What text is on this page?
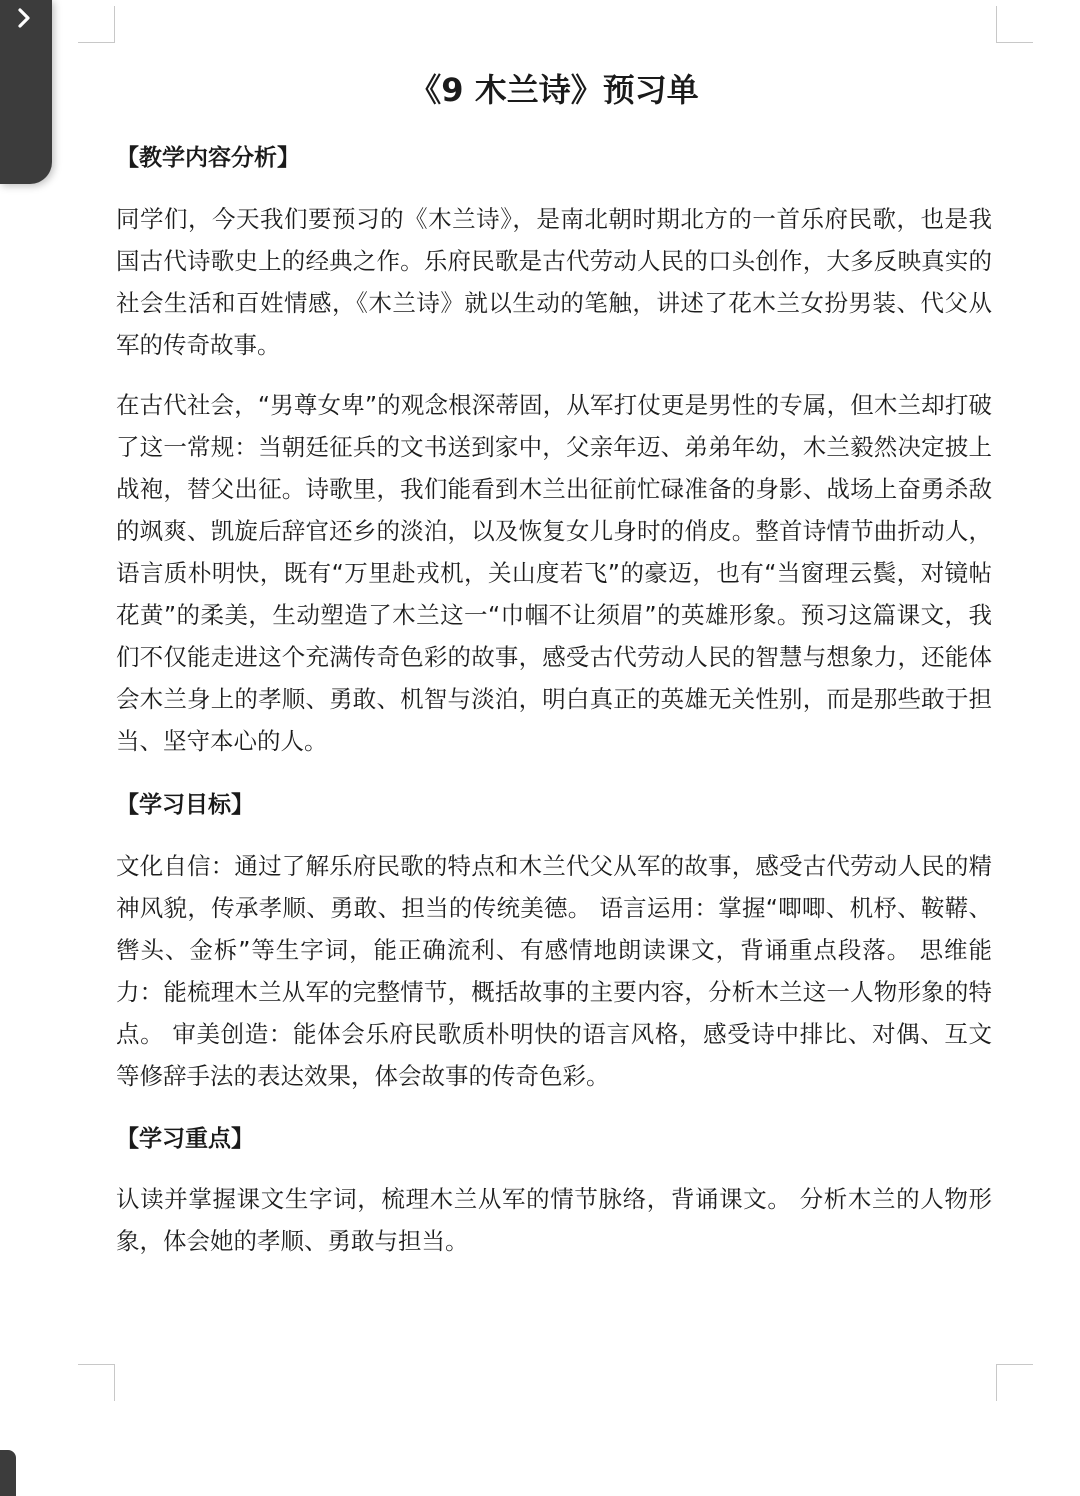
《9 木兰诗》预习单
【教学内容分析】

同学们，今天我们要预习的《木兰诗》，是南北朝时期北方的一首乐府民歌，也是我国古代诗歌史上的经典之作。乐府民歌是古代劳动人民的口头创作，大多反映真实的社会生活和百姓情感，《木兰诗》就以生动的笔触，讲述了花木兰女扮男装、代父从军的传奇故事。

在古代社会，“男尊女卑”的观念根深蒂固，从军打仗更是男性的专属，但木兰却打破了这一常规：当朝廷征兵的文书送到家中，父亲年迈、弟弟年幼，木兰毅然决定披上战袍，替父出征。诗歌里，我们能看到木兰出征前忙碌准备的身影、战场上奋勇杀敌的飒爽、凯旋后辞官还乡的淡泊，以及恢复女儿身时的俏皮。整首诗情节曲折动人，语言质朴明快，既有“万里赴戎机，关山度若飞”的豪迈，也有“当窗理云鬓，对镜帖花黄”的柔美，生动塑造了木兰这一“巾帼不让须眉”的英雄形象。预习这篇课文，我们不仅能走进这个充满传奇色彩的故事，感受古代劳动人民的智慧与想象力，还能体会木兰身上的孝顺、勇敢、机智与淡泊，明白真正的英雄无关性别，而是那些敢于担当、坚守本心的人。

【学习目标】

文化自信：通过了解乐府民歌的特点和木兰代父从军的故事，感受古代劳动人民的精神风貌，传承孝顺、勇敢、担当的传统美德。 语言运用：掌握“唧唧、机杼、鞍鞯、辔头、金柝”等生字词，能正确流利、有感情地朗读课文，背诵重点段落。 思维能力：能梳理木兰从军的完整情节，概括故事的主要内容，分析木兰这一人物形象的特点。 审美创造：能体会乐府民歌质朴明快的语言风格，感受诗中排比、对偶、互文等修辞手法的表达效果，体会故事的传奇色彩。

【学习重点】

认读并掌握课文生字词，梳理木兰从军的情节脉络，背诵课文。 分析木兰的人物形象，体会她的孝顺、勇敢与担当。
